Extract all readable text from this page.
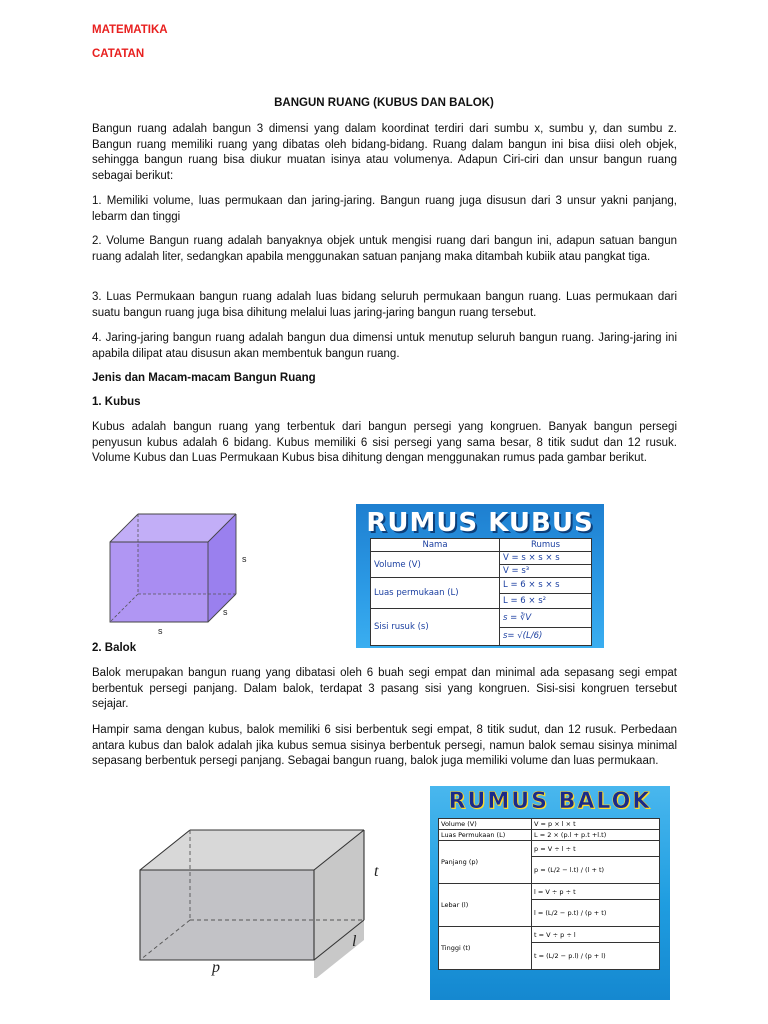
MATEMATIKA
CATATAN
BANGUN RUANG (KUBUS DAN BALOK)

Bangun ruang adalah bangun 3 dimensi yang dalam koordinat terdiri dari sumbu x, sumbu y, dan sumbu z. Bangun ruang memiliki ruang yang dibatas oleh bidang-bidang. Ruang dalam bangun ini bisa diisi oleh objek, sehingga bangun ruang bisa diukur muatan isinya atau volumenya. Adapun Ciri-ciri dan unsur bangun ruang sebagai berikut:

1. Memiliki volume, luas permukaan dan jaring-jaring. Bangun ruang juga disusun dari 3 unsur yakni panjang, lebarm dan tinggi

2. Volume Bangun ruang adalah banyaknya objek untuk mengisi ruang dari bangun ini, adapun satuan bangun ruang adalah liter, sedangkan apabila menggunakan satuan panjang maka ditambah kubiik atau pangkat tiga.

3. Luas Permukaan bangun ruang adalah luas bidang seluruh permukaan bangun ruang. Luas permukaan dari suatu bangun ruang juga bisa dihitung melalui luas jaring-jaring bangun ruang tersebut.

4. Jaring-jaring bangun ruang adalah bangun dua dimensi untuk menutup seluruh bangun ruang. Jaring-jaring ini apabila dilipat atau disusun akan membentuk bangun ruang.

Jenis dan Macam-macam Bangun Ruang

1. Kubus

Kubus adalah bangun ruang yang terbentuk dari bangun persegi yang kongruen. Banyak bangun persegi penyusun kubus adalah 6 bidang. Kubus memiliki 6 sisi persegi yang sama besar, 8 titik sudut dan 12 rusuk. Volume Kubus dan Luas Permukaan Kubus bisa dihitung dengan menggunakan rumus pada gambar berikut.

s
s
s
RUMUS KUBUS
Nama	Rumus
Volume (V)	V = s × s × s
	V = s³
Luas permukaan (L)	L = 6 × s × s
	L = 6 × s²
Sisi rusuk (s)	s = ∛V
	s= √(L/6)

2. Balok

Balok merupakan bangun ruang yang dibatasi oleh 6 buah segi empat dan minimal ada sepasang segi empat berbentuk persegi panjang. Dalam balok, terdapat 3 pasang sisi yang kongruen. Sisi-sisi kongruen tersebut sejajar.

Hampir sama dengan kubus, balok memiliki 6 sisi berbentuk segi empat, 8 titik sudut, dan 12 rusuk. Perbedaan antara kubus dan balok adalah jika kubus semua sisinya berbentuk persegi, namun balok semau sisinya minimal sepasang berbentuk persegi panjang. Sebagai bangun ruang, balok juga memiliki volume dan luas permukaan.

t
l
p
RUMUS BALOK
Volume (V)	V = p × l × t
Luas Permukaan (L)	L = 2 × (p.l + p.t +l.t)
Panjang (p)	p = V ÷ l ÷ t
	p = (L/2 − l.t) / (l + t)
Lebar (l)	l = V ÷ p ÷ t
	l = (L/2 − p.t) / (p + t)
Tinggi (t)	t = V ÷ p ÷ l
	t = (L/2 − p.l) / (p + l)
